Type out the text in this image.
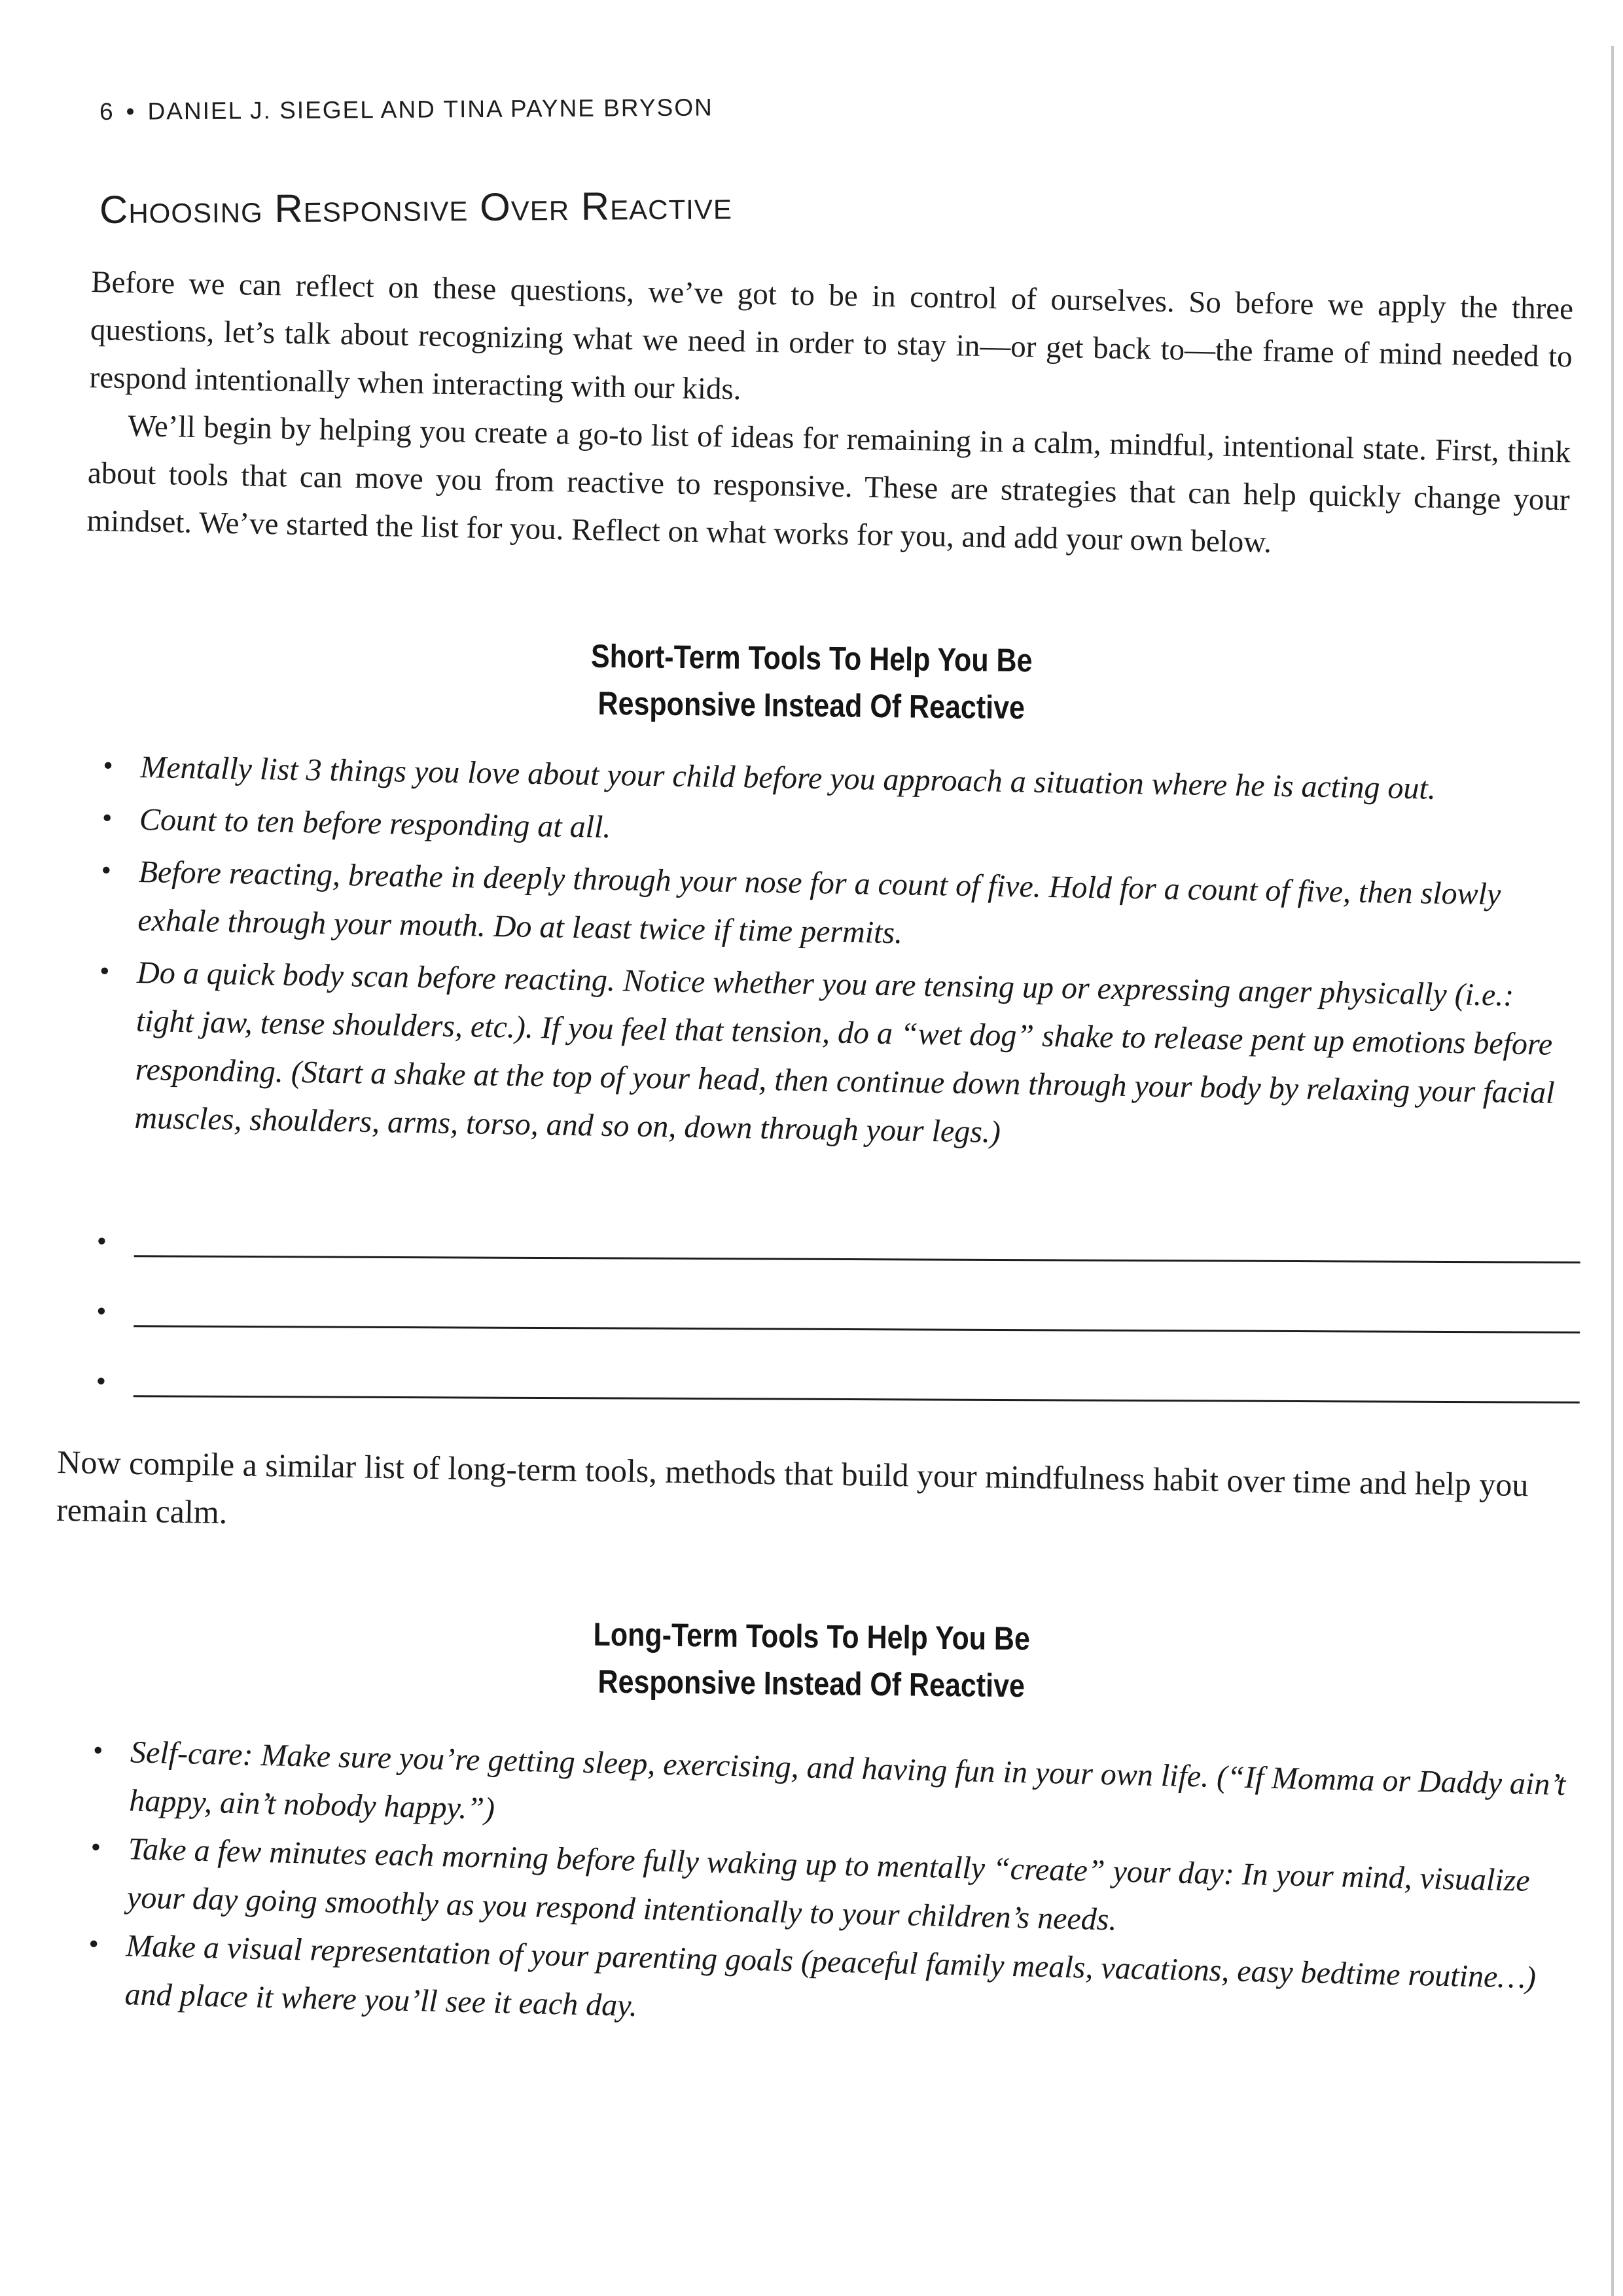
6 • DANIEL J. SIEGEL AND TINA PAYNE BRYSON
Choosing Responsive Over Reactive

Before we can reflect on these questions, we’ve got to be in control of ourselves. So before we apply the three questions, let’s talk about recognizing what we need in order to stay in—or get back to—the frame of mind needed to respond intentionally when interacting with our kids.

We’ll begin by helping you create a go-to list of ideas for remaining in a calm, mindful, intentional state. First, think about tools that can move you from reactive to responsive. These are strategies that can help quickly change your mindset. We’ve started the list for you. Reflect on what works for you, and add your own below.

Short-Term Tools To Help You Be
Responsive Instead Of Reactive
• Mentally list 3 things you love about your child before you approach a situation where he is acting out.
• Count to ten before responding at all.
• Before reacting, breathe in deeply through your nose for a count of five. Hold for a count of five, then slowly exhale through your mouth. Do at least twice if time permits.
• Do a quick body scan before reacting. Notice whether you are tensing up or expressing anger physically (i.e.: tight jaw, tense shoulders, etc.). If you feel that tension, do a “wet dog” shake to release pent up emotions before responding. (Start a shake at the top of your head, then continue down through your body by relaxing your facial muscles, shoulders, arms, torso, and so on, down through your legs.)
•
•
•
Now compile a similar list of long-term tools, methods that build your mindfulness habit over time and help you remain calm.
Long-Term Tools To Help You Be
Responsive Instead Of Reactive
• Self-care: Make sure you’re getting sleep, exercising, and having fun in your own life. (“If Momma or Daddy ain’t happy, ain’t nobody happy.”)
• Take a few minutes each morning before fully waking up to mentally “create” your day: In your mind, visualize your day going smoothly as you respond intentionally to your children’s needs.
• Make a visual representation of your parenting goals (peaceful family meals, vacations, easy bedtime routine…) and place it where you’ll see it each day.
